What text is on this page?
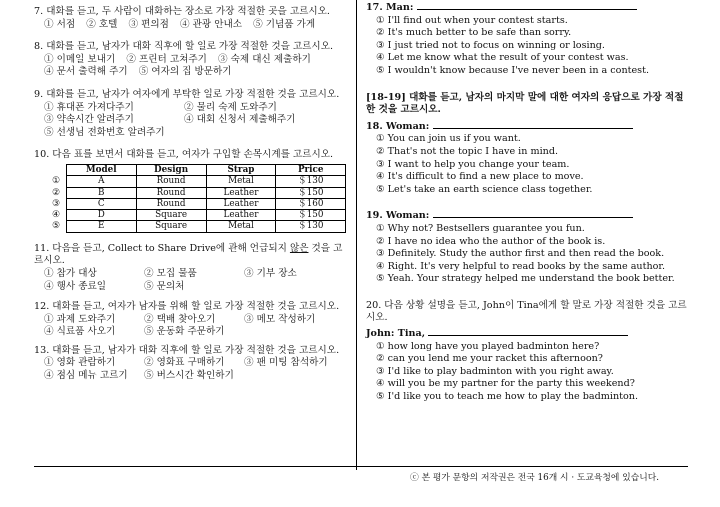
7. 대화를 듣고, 두 사람이 대화하는 장소로 가장 적절한 곳을 고르시오.
① 서점 ② 호텔 ③ 편의점 ④ 관광 안내소 ⑤ 기념품 가게
8. 대화를 듣고, 남자가 대화 직후에 할 일로 가장 적절한 것을 고르시오.
① 이메일 보내기 ② 프린터 고쳐주기 ③ 숙제 대신 제출하기
④ 문서 출력해 주기 ⑤ 여자의 집 방문하기
9. 대화를 듣고, 남자가 여자에게 부탁한 일로 가장 적절한 것을 고르시오.
① 휴대폰 가져다주기	② 물리 숙제 도와주기
③ 약속시간 알려주기	④ 대회 신청서 제출해주기
⑤ 선생님 전화번호 알려주기
10. 다음 표를 보면서 대화를 듣고, 여자가 구입할 손목시계를 고르시오.
	Model	Design	Strap	Price
①	A	Round	Metal	＄130
②	B	Round	Leather	＄150
③	C	Round	Leather	＄160
④	D	Square	Leather	＄150
⑤	E	Square	Metal	＄130
11. 다음을 듣고, Collect to Share Drive에 관해 언급되지 않은 것을 고르시오.
① 참가 대상	② 모집 물품	③ 기부 장소
④ 행사 종료일	⑤ 문의처
12. 대화를 듣고, 여자가 남자를 위해 할 일로 가장 적절한 것을 고르시오.
① 과제 도와주기	② 택배 찾아오기	③ 메모 작성하기
④ 식료품 사오기	⑤ 운동화 주문하기
13. 대화를 듣고, 남자가 대화 직후에 할 일로 가장 적절한 것을 고르시오.
① 영화 관람하기	② 영화표 구매하기 ③ 팬 미팅 참석하기
④ 점심 메뉴 고르기 ⑤ 버스시간 확인하기
17. Man:
① I'll find out when your contest starts.
② It's much better to be safe than sorry.
③ I just tried not to focus on winning or losing.
④ Let me know what the result of your contest was.
⑤ I wouldn't know because I've never been in a contest.
[18-19] 대화를 듣고, 남자의 마지막 말에 대한 여자의 응답으로 가장 적절한 것을 고르시오.
18. Woman:
① You can join us if you want.
② That's not the topic I have in mind.
③ I want to help you change your team.
④ It's difficult to find a new place to move.
⑤ Let's take an earth science class together.
19. Woman:
① Why not? Bestsellers guarantee you fun.
② I have no idea who the author of the book is.
③ Definitely. Study the author first and then read the book.
④ Right. It's very helpful to read books by the same author.
⑤ Yeah. Your strategy helped me understand the book better.
20. 다음 상황 설명을 듣고, John이 Tina에게 할 말로 가장 적절한 것을 고르시오.
John: Tina,
① how long have you played badminton here?
② can you lend me your racket this afternoon?
③ I'd like to play badminton with you right away.
④ will you be my partner for the party this weekend?
⑤ I'd like you to teach me how to play the badminton.
ⓒ 본 평가 문항의 저작권은 전국 16개 시 · 도교육청에 있습니다.
